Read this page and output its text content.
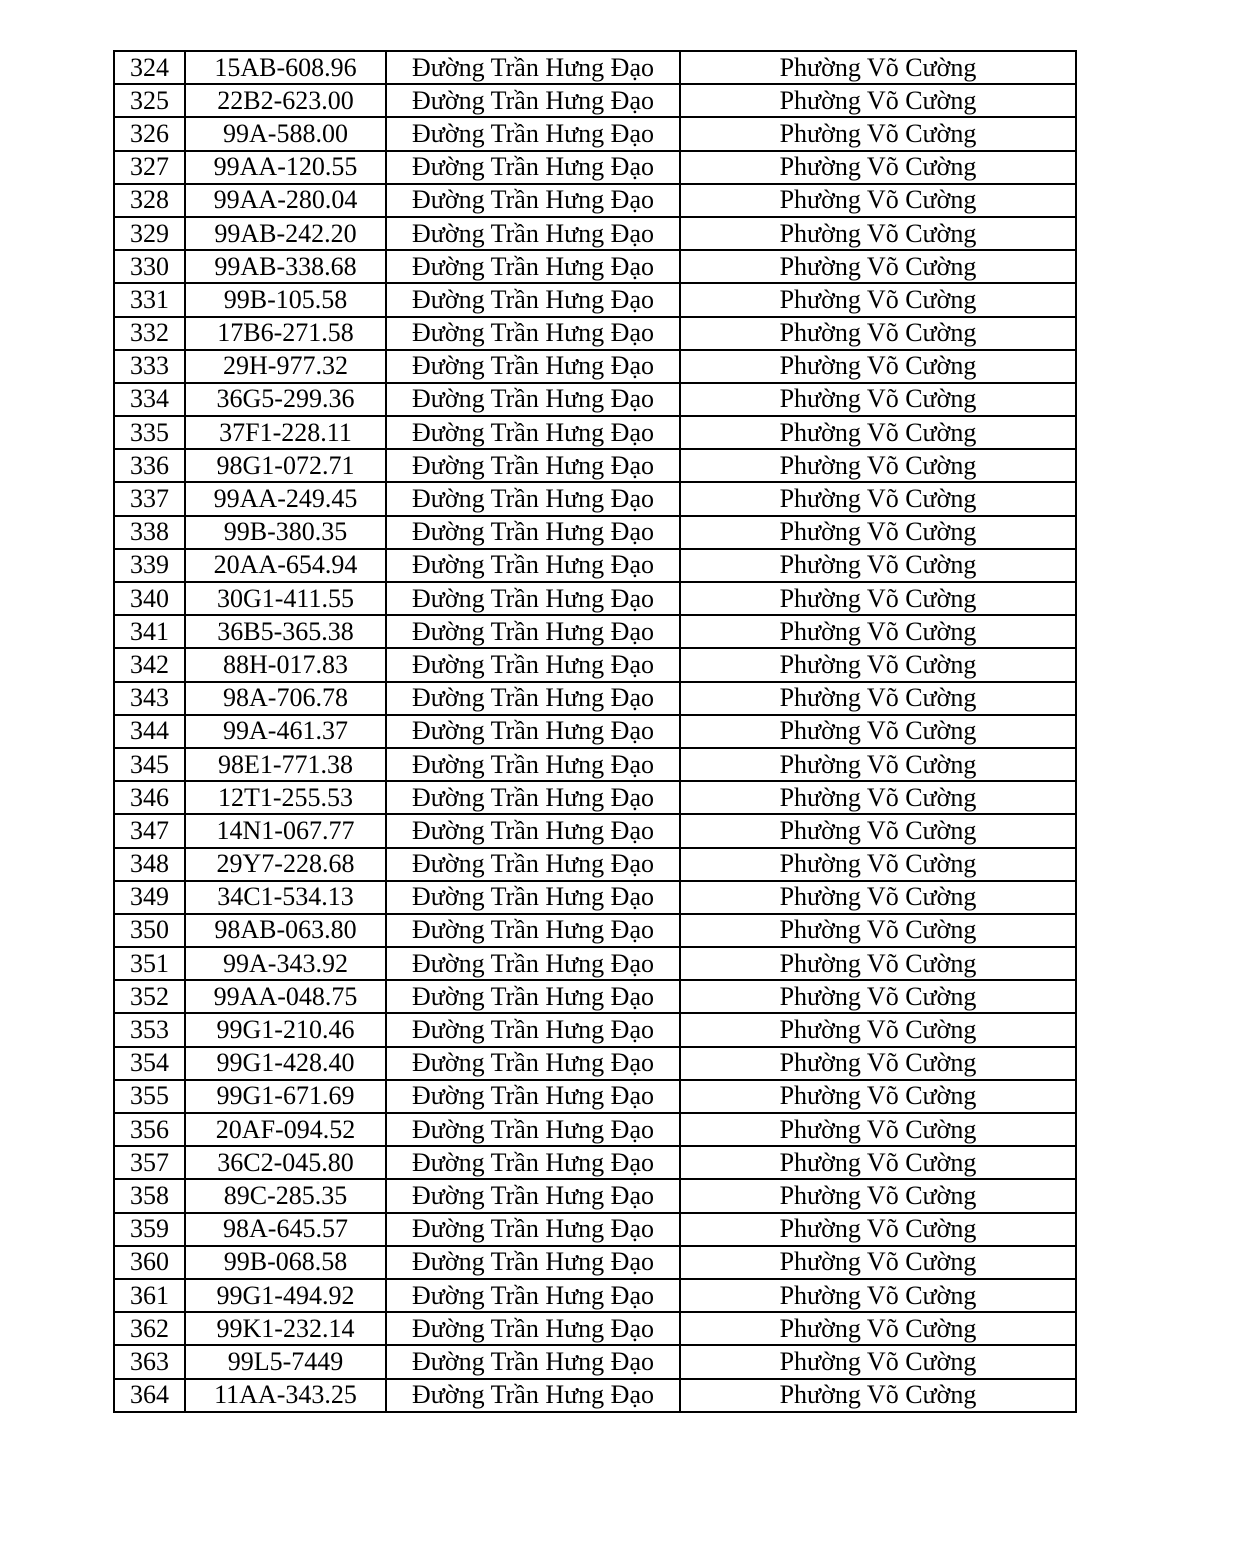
324	15AB-608.96	Đường Trần Hưng Đạo	Phường Võ Cường
325	22B2-623.00	Đường Trần Hưng Đạo	Phường Võ Cường
326	99A-588.00	Đường Trần Hưng Đạo	Phường Võ Cường
327	99AA-120.55	Đường Trần Hưng Đạo	Phường Võ Cường
328	99AA-280.04	Đường Trần Hưng Đạo	Phường Võ Cường
329	99AB-242.20	Đường Trần Hưng Đạo	Phường Võ Cường
330	99AB-338.68	Đường Trần Hưng Đạo	Phường Võ Cường
331	99B-105.58	Đường Trần Hưng Đạo	Phường Võ Cường
332	17B6-271.58	Đường Trần Hưng Đạo	Phường Võ Cường
333	29H-977.32	Đường Trần Hưng Đạo	Phường Võ Cường
334	36G5-299.36	Đường Trần Hưng Đạo	Phường Võ Cường
335	37F1-228.11	Đường Trần Hưng Đạo	Phường Võ Cường
336	98G1-072.71	Đường Trần Hưng Đạo	Phường Võ Cường
337	99AA-249.45	Đường Trần Hưng Đạo	Phường Võ Cường
338	99B-380.35	Đường Trần Hưng Đạo	Phường Võ Cường
339	20AA-654.94	Đường Trần Hưng Đạo	Phường Võ Cường
340	30G1-411.55	Đường Trần Hưng Đạo	Phường Võ Cường
341	36B5-365.38	Đường Trần Hưng Đạo	Phường Võ Cường
342	88H-017.83	Đường Trần Hưng Đạo	Phường Võ Cường
343	98A-706.78	Đường Trần Hưng Đạo	Phường Võ Cường
344	99A-461.37	Đường Trần Hưng Đạo	Phường Võ Cường
345	98E1-771.38	Đường Trần Hưng Đạo	Phường Võ Cường
346	12T1-255.53	Đường Trần Hưng Đạo	Phường Võ Cường
347	14N1-067.77	Đường Trần Hưng Đạo	Phường Võ Cường
348	29Y7-228.68	Đường Trần Hưng Đạo	Phường Võ Cường
349	34C1-534.13	Đường Trần Hưng Đạo	Phường Võ Cường
350	98AB-063.80	Đường Trần Hưng Đạo	Phường Võ Cường
351	99A-343.92	Đường Trần Hưng Đạo	Phường Võ Cường
352	99AA-048.75	Đường Trần Hưng Đạo	Phường Võ Cường
353	99G1-210.46	Đường Trần Hưng Đạo	Phường Võ Cường
354	99G1-428.40	Đường Trần Hưng Đạo	Phường Võ Cường
355	99G1-671.69	Đường Trần Hưng Đạo	Phường Võ Cường
356	20AF-094.52	Đường Trần Hưng Đạo	Phường Võ Cường
357	36C2-045.80	Đường Trần Hưng Đạo	Phường Võ Cường
358	89C-285.35	Đường Trần Hưng Đạo	Phường Võ Cường
359	98A-645.57	Đường Trần Hưng Đạo	Phường Võ Cường
360	99B-068.58	Đường Trần Hưng Đạo	Phường Võ Cường
361	99G1-494.92	Đường Trần Hưng Đạo	Phường Võ Cường
362	99K1-232.14	Đường Trần Hưng Đạo	Phường Võ Cường
363	99L5-7449	Đường Trần Hưng Đạo	Phường Võ Cường
364	11AA-343.25	Đường Trần Hưng Đạo	Phường Võ Cường
